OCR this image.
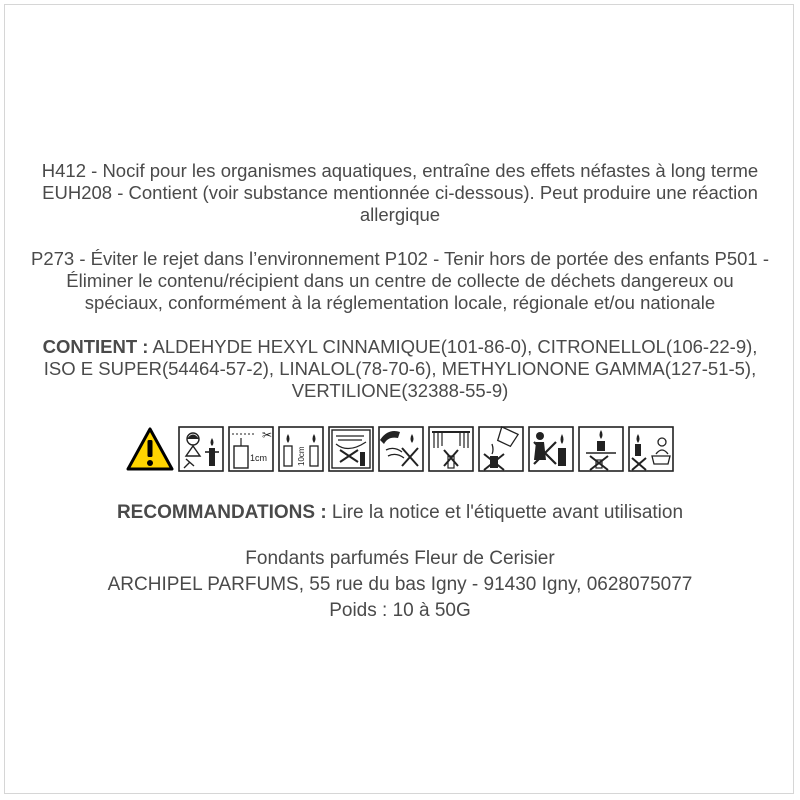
H412 - Nocif pour les organismes aquatiques, entraîne des effets néfastes à long terme EUH208 - Contient (voir substance mentionnée ci-dessous). Peut produire une réaction allergique
P273 - Éviter le rejet dans l’environnement P102 - Tenir hors de portée des enfants P501 - Éliminer le contenu/récipient dans un centre de collecte de déchets dangereux ou spéciaux, conformément à la réglementation locale, régionale et/ou nationale
CONTIENT : ALDEHYDE HEXYL CINNAMIQUE(101-86-0), CITRONELLOL(106-22-9), ISO E SUPER(54464-57-2), LINALOL(78-70-6), METHYLIONONE GAMMA(127-51-5), VERTILIONE(32388-55-9)
✂
1cm	10cm
RECOMMANDATIONS : Lire la notice et l'étiquette avant utilisation
Fondants parfumés Fleur de Cerisier
ARCHIPEL PARFUMS, 55 rue du bas Igny - 91430 Igny, 0628075077
Poids : 10 à 50G
